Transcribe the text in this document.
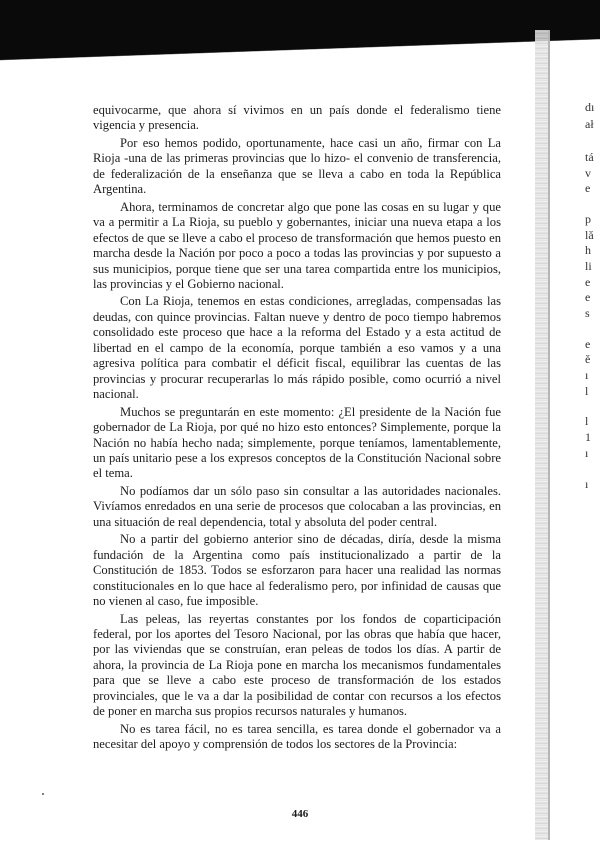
dı
ał
tá
v
e
p
lă
h
li
e
e
s
e
ĕ
ı
l
l
1
ı
ı

equivocarme, que ahora sí vivimos en un país donde el federalismo tiene vigencia y presencia.

Por eso hemos podido, oportunamente, hace casi un año, firmar con La Rioja -una de las primeras provincias que lo hizo- el convenio de transferencia, de federalización de la enseñanza que se lleva a cabo en toda la República Argentina.

Ahora, terminamos de concretar algo que pone las cosas en su lugar y que va a permitir a La Rioja, su pueblo y gobernantes, iniciar una nueva etapa a los efectos de que se lleve a cabo el proceso de transformación que hemos puesto en marcha desde la Nación por poco a poco a todas las provincias y por supuesto a sus municipios, porque tiene que ser una tarea compartida entre los municipios, las provincias y el Gobierno nacional.

Con La Rioja, tenemos en estas condiciones, arregladas, compensadas las deudas, con quince provincias. Faltan nueve y dentro de poco tiempo habremos consolidado este proceso que hace a la reforma del Estado y a esta actitud de libertad en el campo de la economía, porque también a eso vamos y a una agresiva política para combatir el déficit fiscal, equilibrar las cuentas de las provincias y procurar recuperarlas lo más rápido posible, como ocurrió a nivel nacional.

Muchos se preguntarán en este momento: ¿El presidente de la Nación fue gobernador de La Rioja, por qué no hizo esto entonces? Simplemente, porque la Nación no había hecho nada; simplemente, porque teníamos, lamentablemente, un país unitario pese a los expresos conceptos de la Constitución Nacional sobre el tema.

No podíamos dar un sólo paso sin consultar a las autoridades nacionales. Vivíamos enredados en una serie de procesos que colocaban a las provincias, en una situación de real dependencia, total y absoluta del poder central.

No a partir del gobierno anterior sino de décadas, diría, desde la misma fundación de la Argentina como país institucionalizado a partir de la Constitución de 1853. Todos se esforzaron para hacer una realidad las normas constitucionales en lo que hace al federalismo pero, por infinidad de causas que no vienen al caso, fue imposible.

Las peleas, las reyertas constantes por los fondos de coparticipación federal, por los aportes del Tesoro Nacional, por las obras que había que hacer, por las viviendas que se construían, eran peleas de todos los días. A partir de ahora, la provincia de La Rioja pone en marcha los mecanismos fundamentales para que se lleve a cabo este proceso de transformación de los estados provinciales, que le va a dar la posibilidad de contar con recursos a los efectos de poner en marcha sus propios recursos naturales y humanos.

No es tarea fácil, no es tarea sencilla, es tarea donde el gobernador va a necesitar del apoyo y comprensión de todos los sectores de la Provincia:

446
